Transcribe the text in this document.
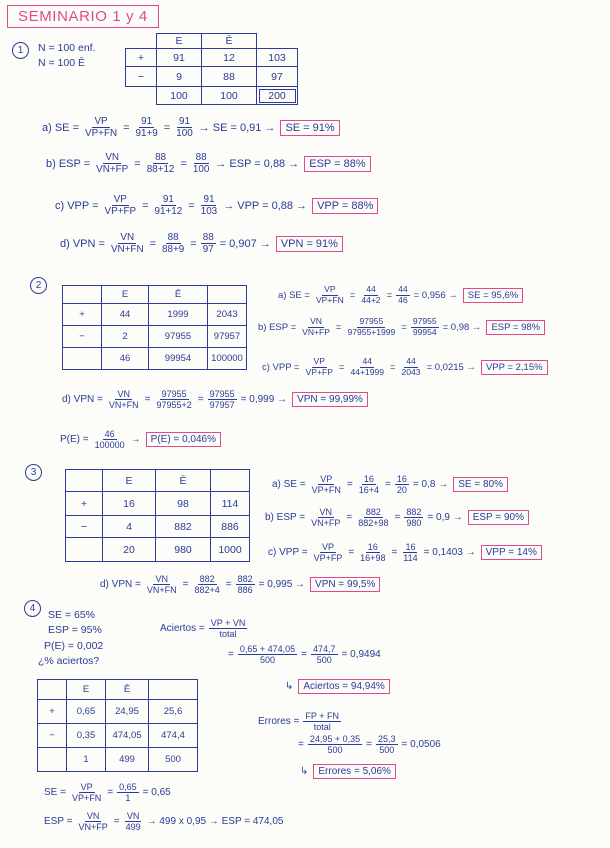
SEMINARIO 1 y 4
1	N = 100 enf.
N = 100 Ē
	E	Ē	
+	91	12	103
−	9	88	97
	100	100	200
a) SE = $\frac{VP}{VP+FN} = \frac{91}{91+9} = \frac{91}{100}$ → SE = 0,91 → SE = 91%
b) ESP = $\frac{VN}{VN+FP} = \frac{88}{88+12} = \frac{88}{100}$ → ESP = 0,88 → ESP = 88%
c) VPP = $\frac{VP}{VP+FP} = \frac{91}{91+12} = \frac{91}{103}$ → VPP = 0,88 → VPP = 88%
d) VPN = $\frac{VN}{VN+FN} = \frac{88}{88+9} = \frac{88}{97} = 0,907$ → VPN = 91%
2
	E	Ē	
+	44	1999	2043
−	2	97955	97957
	46	99954	100000
a) SE = $\frac{VP}{VP+FN} = \frac{44}{44+2} = \frac{44}{46} = 0,956$ →	SE = 95,6%
b) ESP = $\frac{VN}{VN+FP} = \frac{97955}{97955+1999} = \frac{97955}{99954} = 0,98$ →	ESP = 98%
c) VPP = $\frac{VP}{VP+FP} = \frac{44}{44+1999} = \frac{44}{2043} = 0,0215$ →	VPP = 2,15%
d) VPN = $\frac{VN}{VN+FN} = \frac{97955}{97955+2} = \frac{97955}{97957} = 0,999$ →	VPN = 99,99%
$P(E) = \frac{46}{100000}$ →	P(E) = 0,046%
3
	E	Ē	
+	16	98	114
−	4	882	886
	20	980	1000
a) SE = $\frac{VP}{VP+FN} = \frac{16}{16+4} = \frac{16}{20} = 0,8$ →	SE = 80%
b) ESP = $\frac{VN}{VN+FP} = \frac{882}{882+98} = \frac{882}{980} = 0,9$ →	ESP = 90%
c) VPP = $\frac{VP}{VP+FP} = \frac{16}{16+98} = \frac{16}{114} = 0,1403$ →	VPP = 14%
d) VPN = $\frac{VN}{VN+FN} = \frac{882}{882+4} = \frac{882}{886} = 0,995$ →	VPN = 99,5%
4
SE = 65%
ESP = 95%
P(E) = 0,002
¿% aciertos?
Aciertos = $\frac{VP + VN}{\text{total}}$
= $\frac{0,65 + 474,05}{500} = \frac{474,7}{500} = 0,9494$
↳	Aciertos = 94,94%
	E	Ē	
+	0,65	24,95	25,6
−	0,35	474,05	474,4
	1	499	500
Errores = $\frac{FP + FN}{\text{total}}$
= $\frac{24,95 + 0,35}{500} = \frac{25,3}{500} = 0,0506$
↳	Errores = 5,06%
SE = $\frac{VP}{VP+FN} = \frac{0,65}{1} = 0,65$
ESP = $\frac{VN}{VN+FP} = \frac{VN}{499} \to 499$ x 0,95 → ESP = 474,05
